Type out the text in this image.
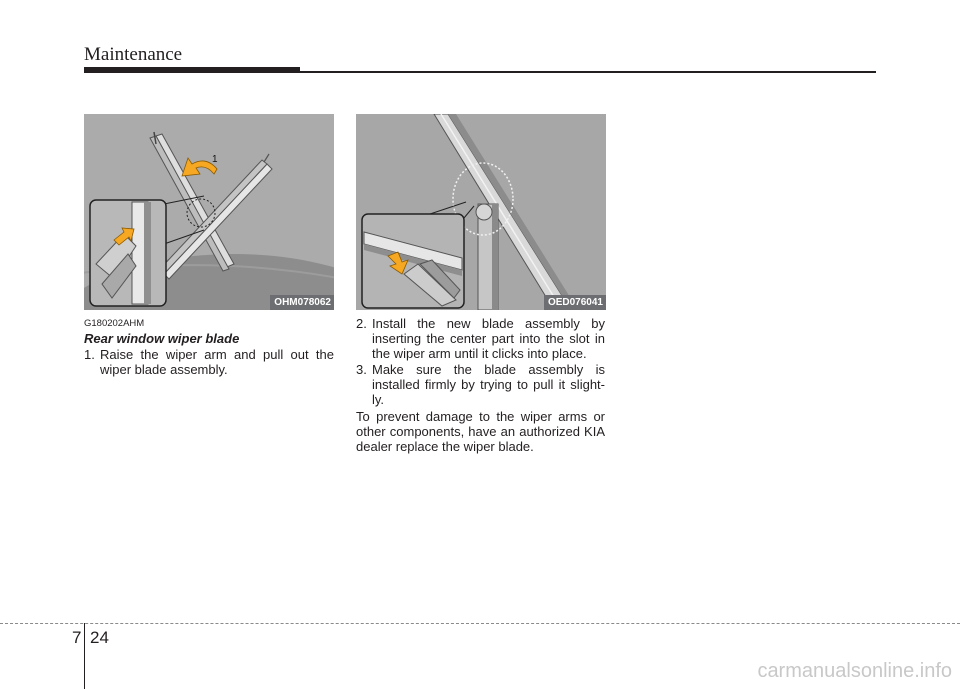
Maintenance
1
OHM078062	OED076041
G180202AHM
Rear window wiper blade
1. Raise the wiper arm and pull out the wiper blade assembly.
2. Install the new blade assembly by inserting the center part into the slot in the wiper arm until it clicks into place.
3. Make sure the blade assembly is installed firmly by trying to pull it slight-ly.
To prevent damage to the wiper arms or other components, have an authorized KIA dealer replace the wiper blade.
7 24
carmanualsonline.info
